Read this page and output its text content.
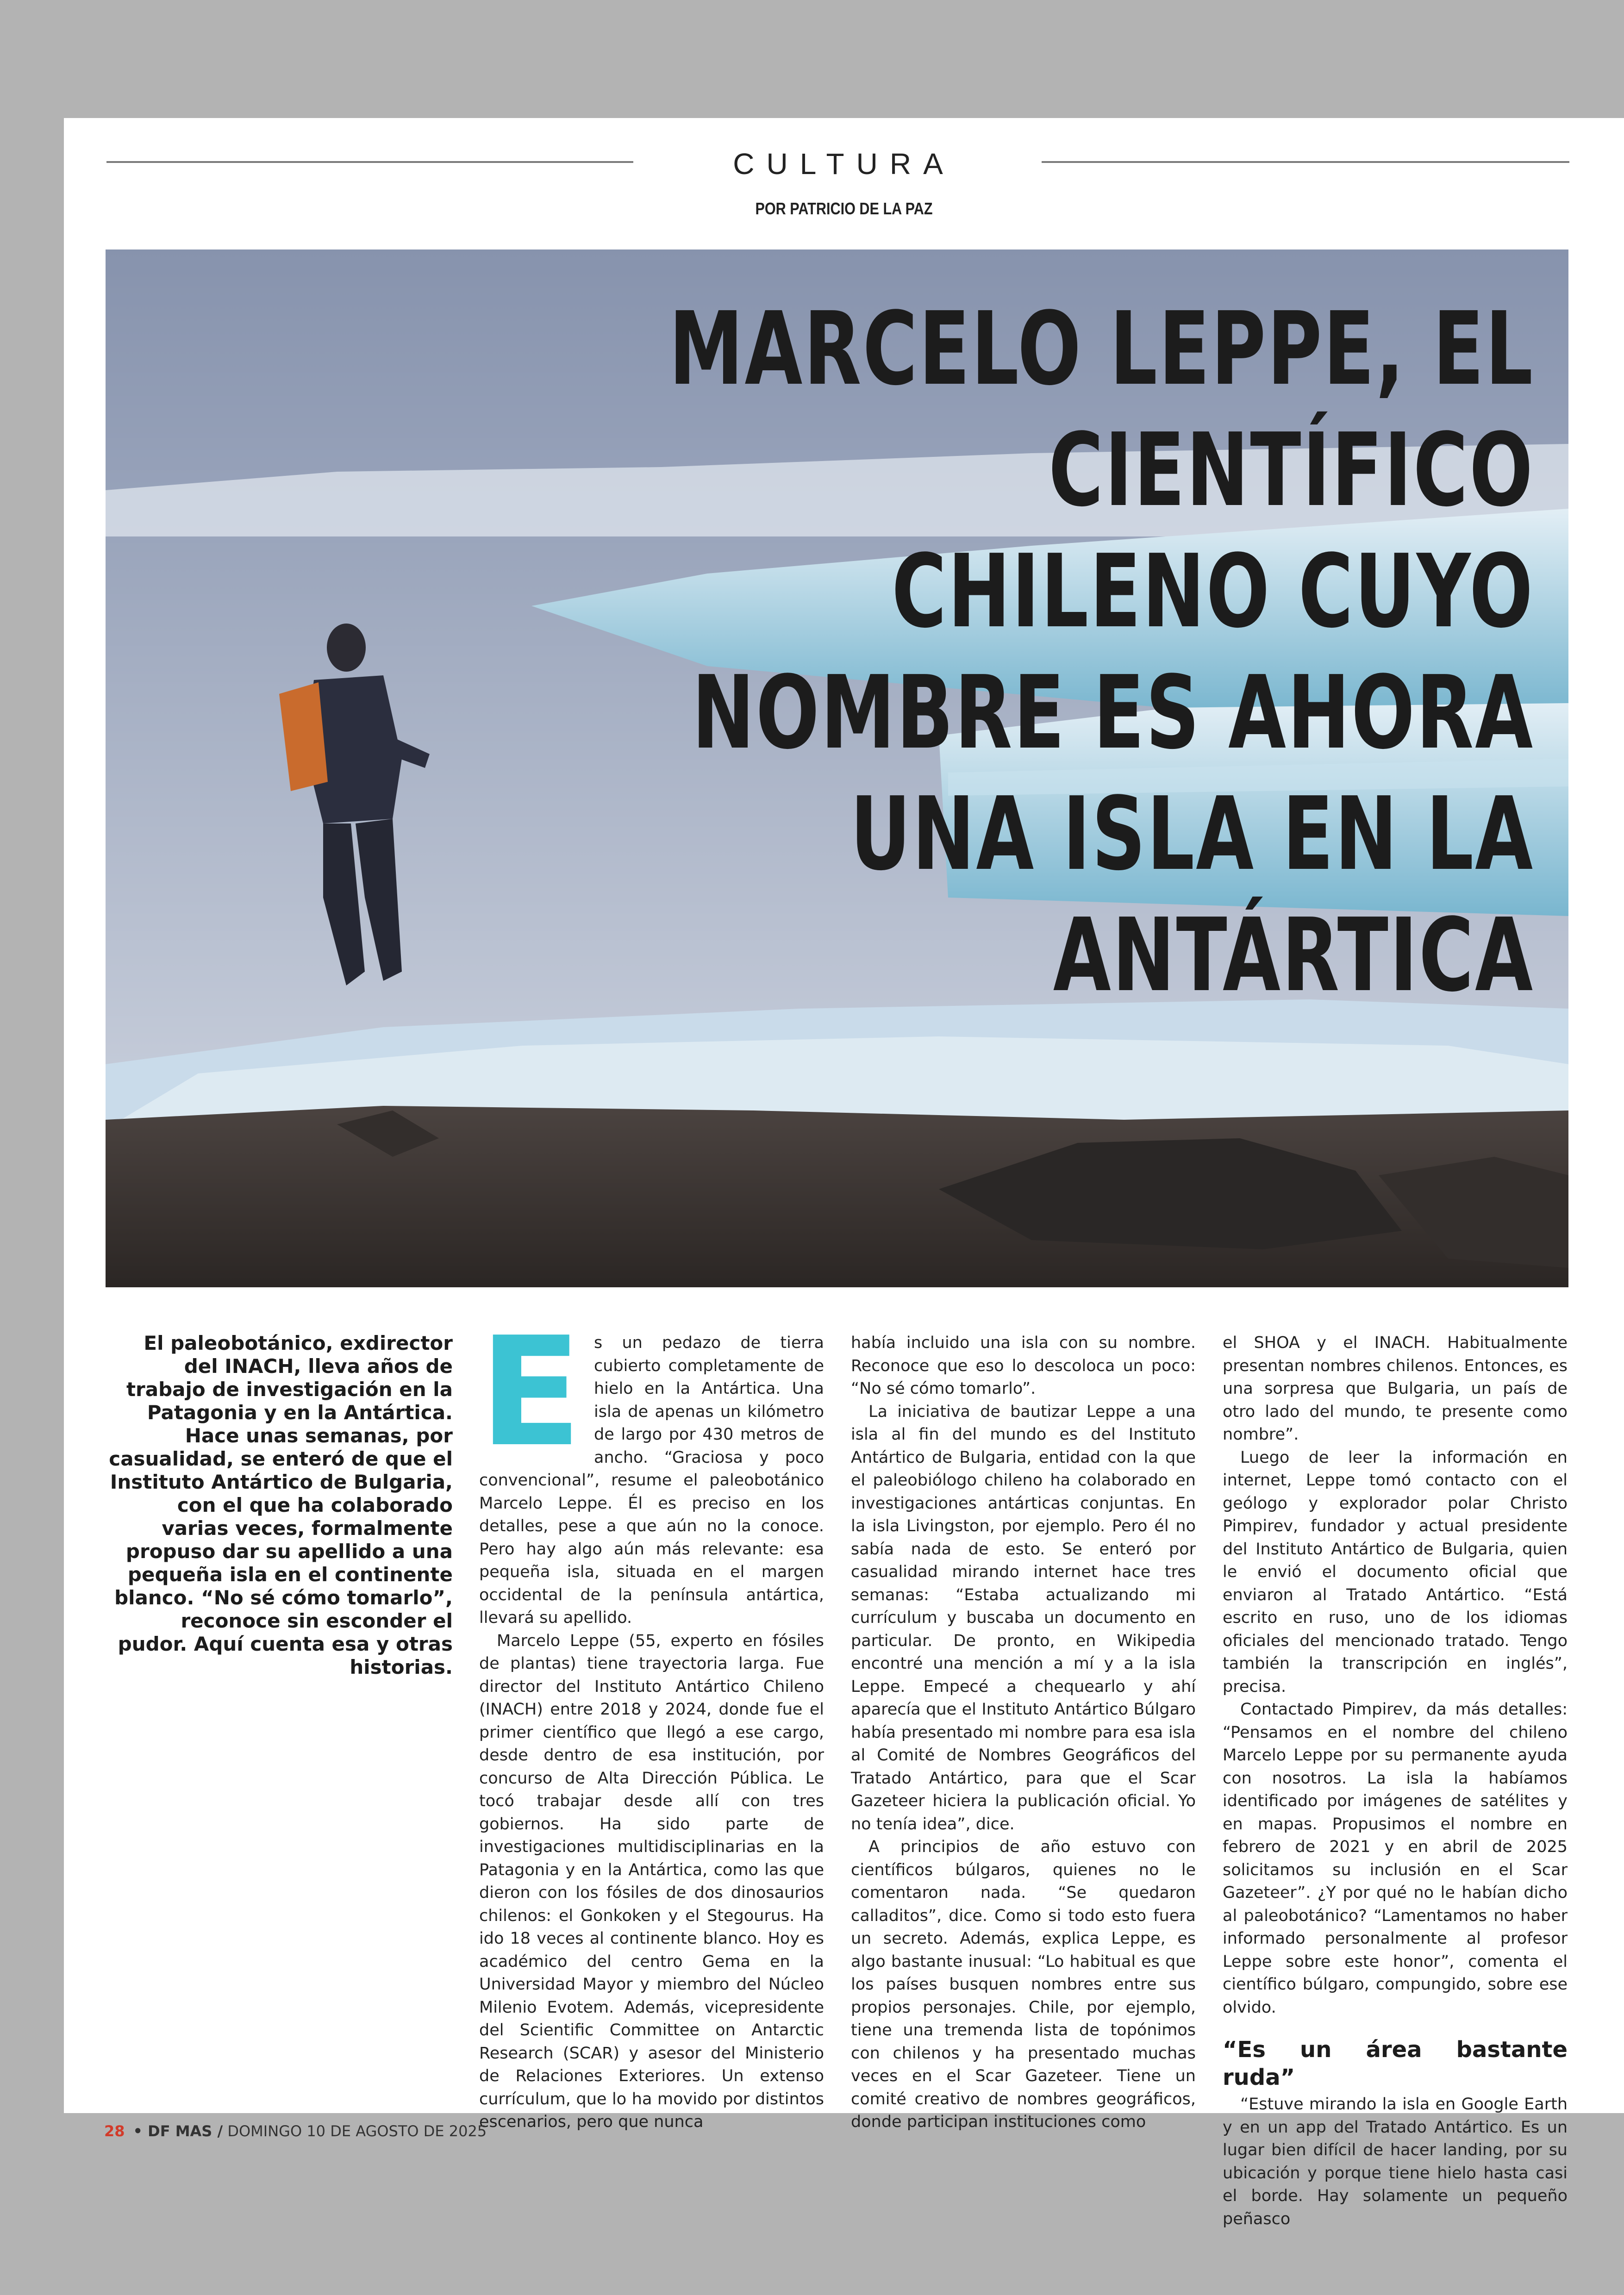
CULTURA
POR PATRICIO DE LA PAZ
MARCELO LEPPE, EL CIENTÍFICO CHILENO CUYO NOMBRE ES AHORA UNA ISLA EN LA ANTÁRTICA
El paleobotánico, exdirector del INACH, lleva años de trabajo de investigación en la Patagonia y en la Antártica. Hace unas semanas, por casualidad, se enteró de que el Instituto Antártico de Bulgaria, con el que ha colaborado varias veces, formalmente propuso dar su apellido a una pequeña isla en el continente blanco. “No sé cómo tomarlo”, reconoce sin esconder el pudor. Aquí cuenta esa y otras historias.
E s un pedazo de tierra cubierto completamente de hielo en la Antártica. Una isla de apenas un kilómetro de largo por 430 metros de ancho. “Graciosa y poco convencional”, resume el paleobotánico Marcelo Leppe. Él es preciso en los detalles, pese a que aún no la conoce. Pero hay algo aún más relevante: esa pequeña isla, situada en el margen occidental de la península antártica, llevará su apellido.

Marcelo Leppe (55, experto en fósiles de plantas) tiene trayectoria larga. Fue director del Instituto Antártico Chileno (INACH) entre 2018 y 2024, donde fue el primer científico que llegó a ese cargo, desde dentro de esa institución, por concurso de Alta Dirección Pública. Le tocó trabajar desde allí con tres gobiernos. Ha sido parte de investigaciones multidisciplinarias en la Patagonia y en la Antártica, como las que dieron con los fósiles de dos dinosaurios chilenos: el Gonkoken y el Stegourus. Ha ido 18 veces al continente blanco. Hoy es académico del centro Gema en la Universidad Mayor y miembro del Núcleo Milenio Evotem. Además, vicepresidente del Scientific Committee on Antarctic Research (SCAR) y asesor del Ministerio de Relaciones Exteriores. Un extenso currículum, que lo ha movido por distintos escenarios, pero que nunca

había incluido una isla con su nombre. Reconoce que eso lo descoloca un poco: “No sé cómo tomarlo”.

La iniciativa de bautizar Leppe a una isla al fin del mundo es del Instituto Antártico de Bulgaria, entidad con la que el paleobiólogo chileno ha colaborado en investigaciones antárticas conjuntas. En la isla Livingston, por ejemplo. Pero él no sabía nada de esto. Se enteró por casualidad mirando internet hace tres semanas: “Estaba actualizando mi currículum y buscaba un documento en particular. De pronto, en Wikipedia encontré una mención a mí y a la isla Leppe. Empecé a chequearlo y ahí aparecía que el Instituto Antártico Búlgaro había presentado mi nombre para esa isla al Comité de Nombres Geográficos del Tratado Antártico, para que el Scar Gazeteer hiciera la publicación oficial. Yo no tenía idea”, dice.

A principios de año estuvo con científicos búlgaros, quienes no le comentaron nada. “Se quedaron calladitos”, dice. Como si todo esto fuera un secreto. Además, explica Leppe, es algo bastante inusual: “Lo habitual es que los países busquen nombres entre sus propios personajes. Chile, por ejemplo, tiene una tremenda lista de topónimos con chilenos y ha presentado muchas veces en el Scar Gazeteer. Tiene un comité creativo de nombres geográficos, donde participan instituciones como

el SHOA y el INACH. Habitualmente presentan nombres chilenos. Entonces, es una sorpresa que Bulgaria, un país de otro lado del mundo, te presente como nombre”.

Luego de leer la información en internet, Leppe tomó contacto con el geólogo y explorador polar Christo Pimpirev, fundador y actual presidente del Instituto Antártico de Bulgaria, quien le envió el documento oficial que enviaron al Tratado Antártico. “Está escrito en ruso, uno de los idiomas oficiales del mencionado tratado. Tengo también la transcripción en inglés”, precisa.

Contactado Pimpirev, da más detalles: “Pensamos en el nombre del chileno Marcelo Leppe por su permanente ayuda con nosotros. La isla la habíamos identificado por imágenes de satélites y en mapas. Propusimos el nombre en febrero de 2021 y en abril de 2025 solicitamos su inclusión en el Scar Gazeteer”. ¿Y por qué no le habían dicho al paleobotánico? “Lamentamos no haber informado personalmente al profesor Leppe sobre este honor”, comenta el científico búlgaro, compungido, sobre ese olvido.

“Es un área bastante ruda”

“Estuve mirando la isla en Google Earth y en un app del Tratado Antártico. Es un lugar bien difícil de hacer landing, por su ubicación y porque tiene hielo hasta casi el borde. Hay solamente un pequeño peñasco

28 • DF MAS / DOMINGO 10 DE AGOSTO DE 2025
